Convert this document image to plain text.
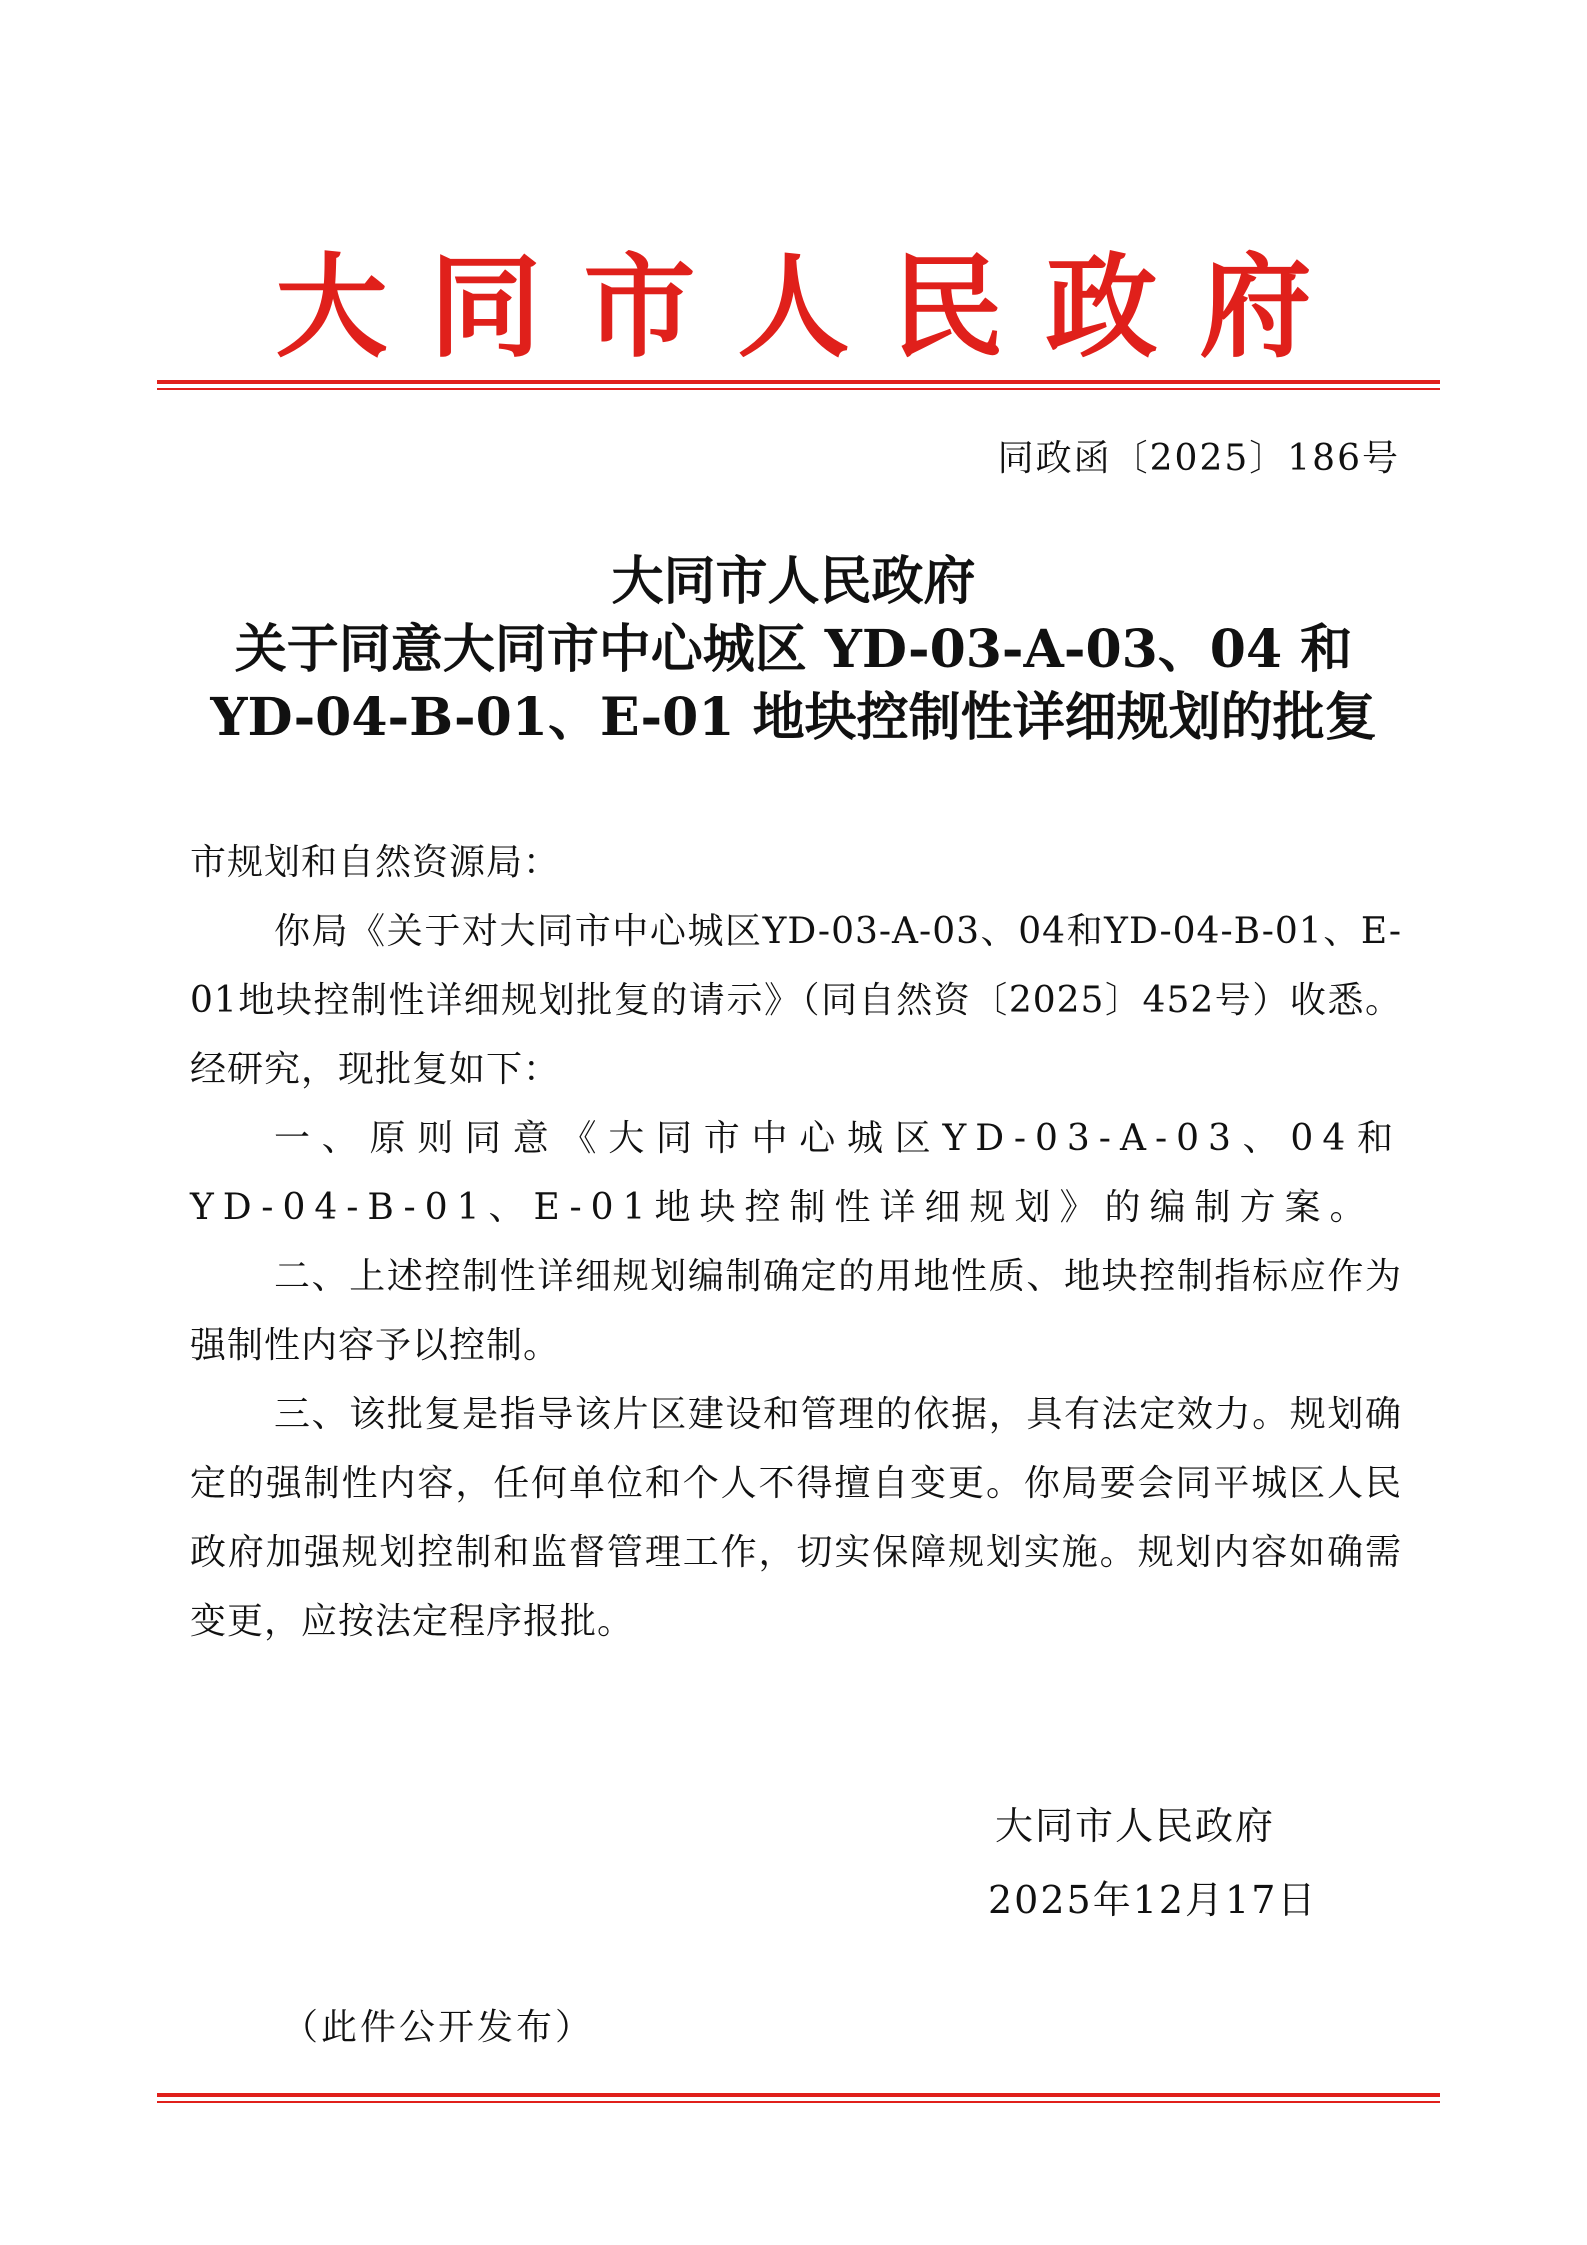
大同市人民政府
同政函〔2025〕186号
大同市人民政府
关于同意大同市中心城区 YD-03-A-03、04 和
YD-04-B-01、E-01 地块控制性详细规划的批复
市规划和自然资源局：
你局《关于对大同市中心城区YD-03-A-03、04和YD-04-B-01、E-01地块控制性详细规划批复的请示》（同自然资〔2025〕452号）收悉。经研究，现批复如下：
一、原则同意《大同市中心城区YD-03-A-03、04和YD-04-B-01、E-01地块控制性详细规划》的编制方案。
二、上述控制性详细规划编制确定的用地性质、地块控制指标应作为强制性内容予以控制。
三、该批复是指导该片区建设和管理的依据，具有法定效力。规划确定的强制性内容，任何单位和个人不得擅自变更。你局要会同平城区人民政府加强规划控制和监督管理工作，切实保障规划实施。规划内容如确需变更，应按法定程序报批。
大同市人民政府
2025年12月17日
（此件公开发布）
